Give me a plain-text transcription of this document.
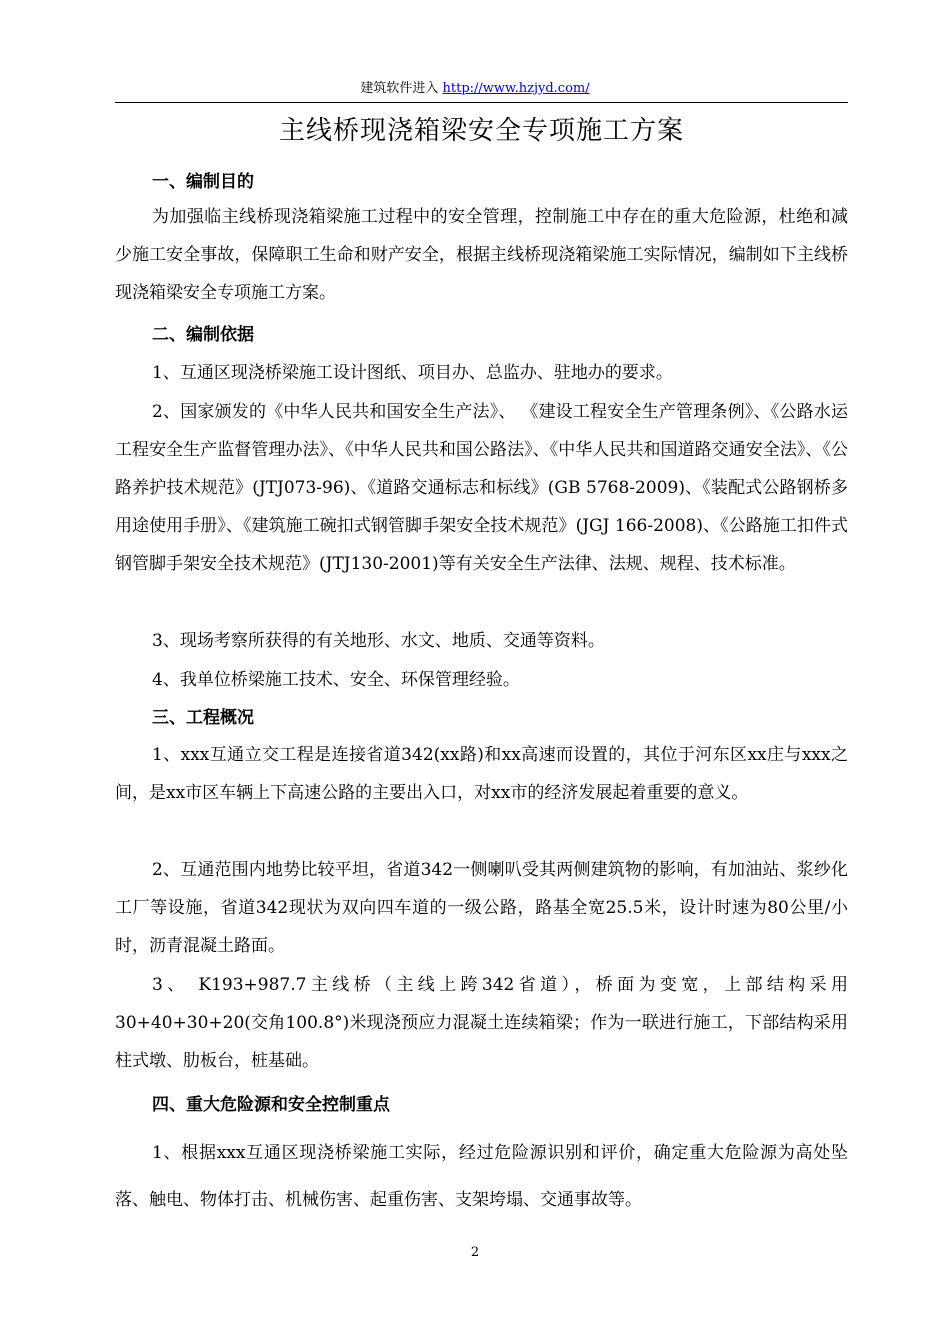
建筑软件进入 http://www.hzjyd.com/
主线桥现浇箱梁安全专项施工方案
一、编制目的

为加强临主线桥现浇箱梁施工过程中的安全管理，控制施工中存在的重大危险源，杜绝和减少施工安全事故，保障职工生命和财产安全，根据主线桥现浇箱梁施工实际情况，编制如下主线桥现浇箱梁安全专项施工方案。

二、编制依据

1、互通区现浇桥梁施工设计图纸、项目办、总监办、驻地办的要求。

2、国家颁发的《中华人民共和国安全生产法》、 《建设工程安全生产管理条例》、《公路水运工程安全生产监督管理办法》、《中华人民共和国公路法》、《中华人民共和国道路交通安全法》、《公路养护技术规范》(JTJ073-96)、《道路交通标志和标线》(GB 5768-2009)、《装配式公路钢桥多用途使用手册》、《建筑施工碗扣式钢管脚手架安全技术规范》(JGJ 166-2008)、《公路施工扣件式钢管脚手架安全技术规范》(JTJ130-2001)等有关安全生产法律、法规、规程、技术标准。

3、现场考察所获得的有关地形、水文、地质、交通等资料。

4、我单位桥梁施工技术、安全、环保管理经验。

三、工程概况

1、xxx互通立交工程是连接省道342(xx路)和xx高速而设置的，其位于河东区xx庄与xxx之间，是xx市区车辆上下高速公路的主要出入口，对xx市的经济发展起着重要的意义。

2、互通范围内地势比较平坦，省道342一侧喇叭受其两侧建筑物的影响，有加油站、浆纱化工厂等设施，省道342现状为双向四车道的一级公路，路基全宽25.5米，设计时速为80公里/小时，沥青混凝土路面。

3、 K193+987.7主线桥（主线上跨342省道），桥面为变宽，上部结构采用30+40+30+20(交角100.8°)米现浇预应力混凝土连续箱梁；作为一联进行施工，下部结构采用柱式墩、肋板台，桩基础。

四、重大危险源和安全控制重点

1、根据xxx互通区现浇桥梁施工实际，经过危险源识别和评价，确定重大危险源为高处坠落、触电、物体打击、机械伤害、起重伤害、支架垮塌、交通事故等。

2
